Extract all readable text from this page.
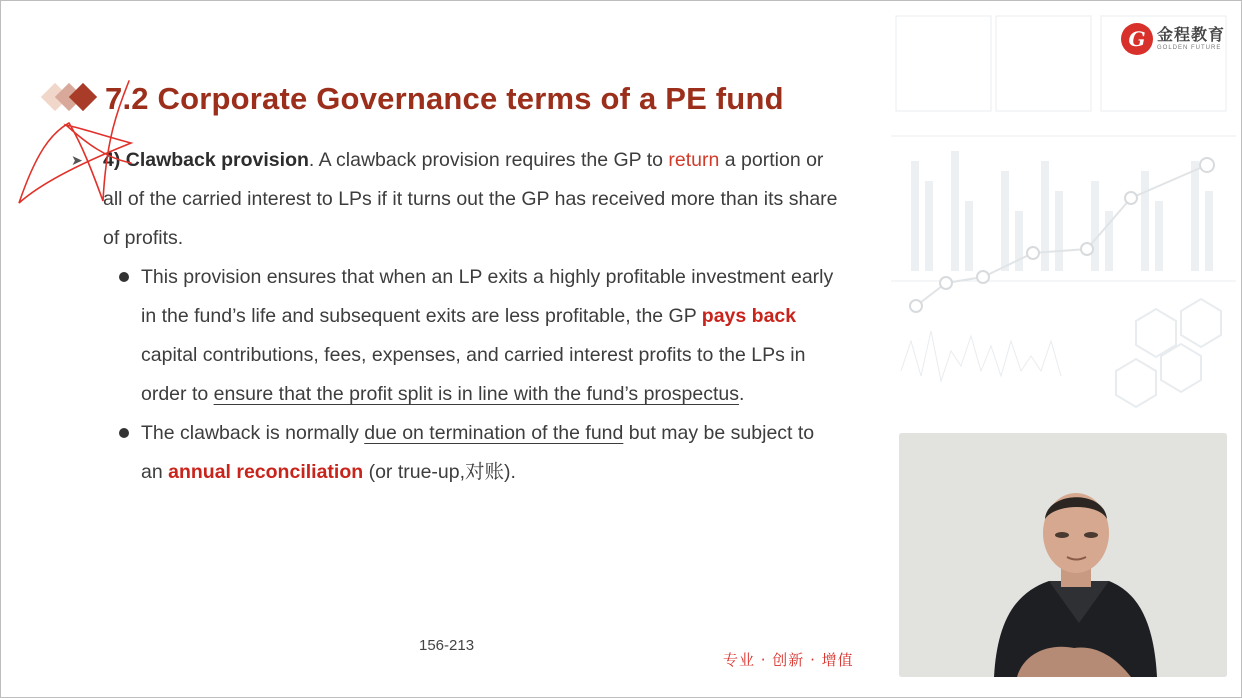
G 金程教育
GOLDEN FUTURE
7.2 Corporate Governance terms of a PE fund

➤ 4) Clawback provision. A clawback provision requires the GP to return a portion or all of the carried interest to LPs if it turns out the GP has received more than its share of profits.

This provision ensures that when an LP exits a highly profitable investment early in the fund’s life and subsequent exits are less profitable, the GP pays back capital contributions, fees, expenses, and carried interest profits to the LPs in order to ensure that the profit split is in line with the fund’s prospectus.
The clawback is normally due on termination of the fund but may be subject to an annual reconciliation (or true-up,对账).
156-213
专业 · 创新 · 增值
